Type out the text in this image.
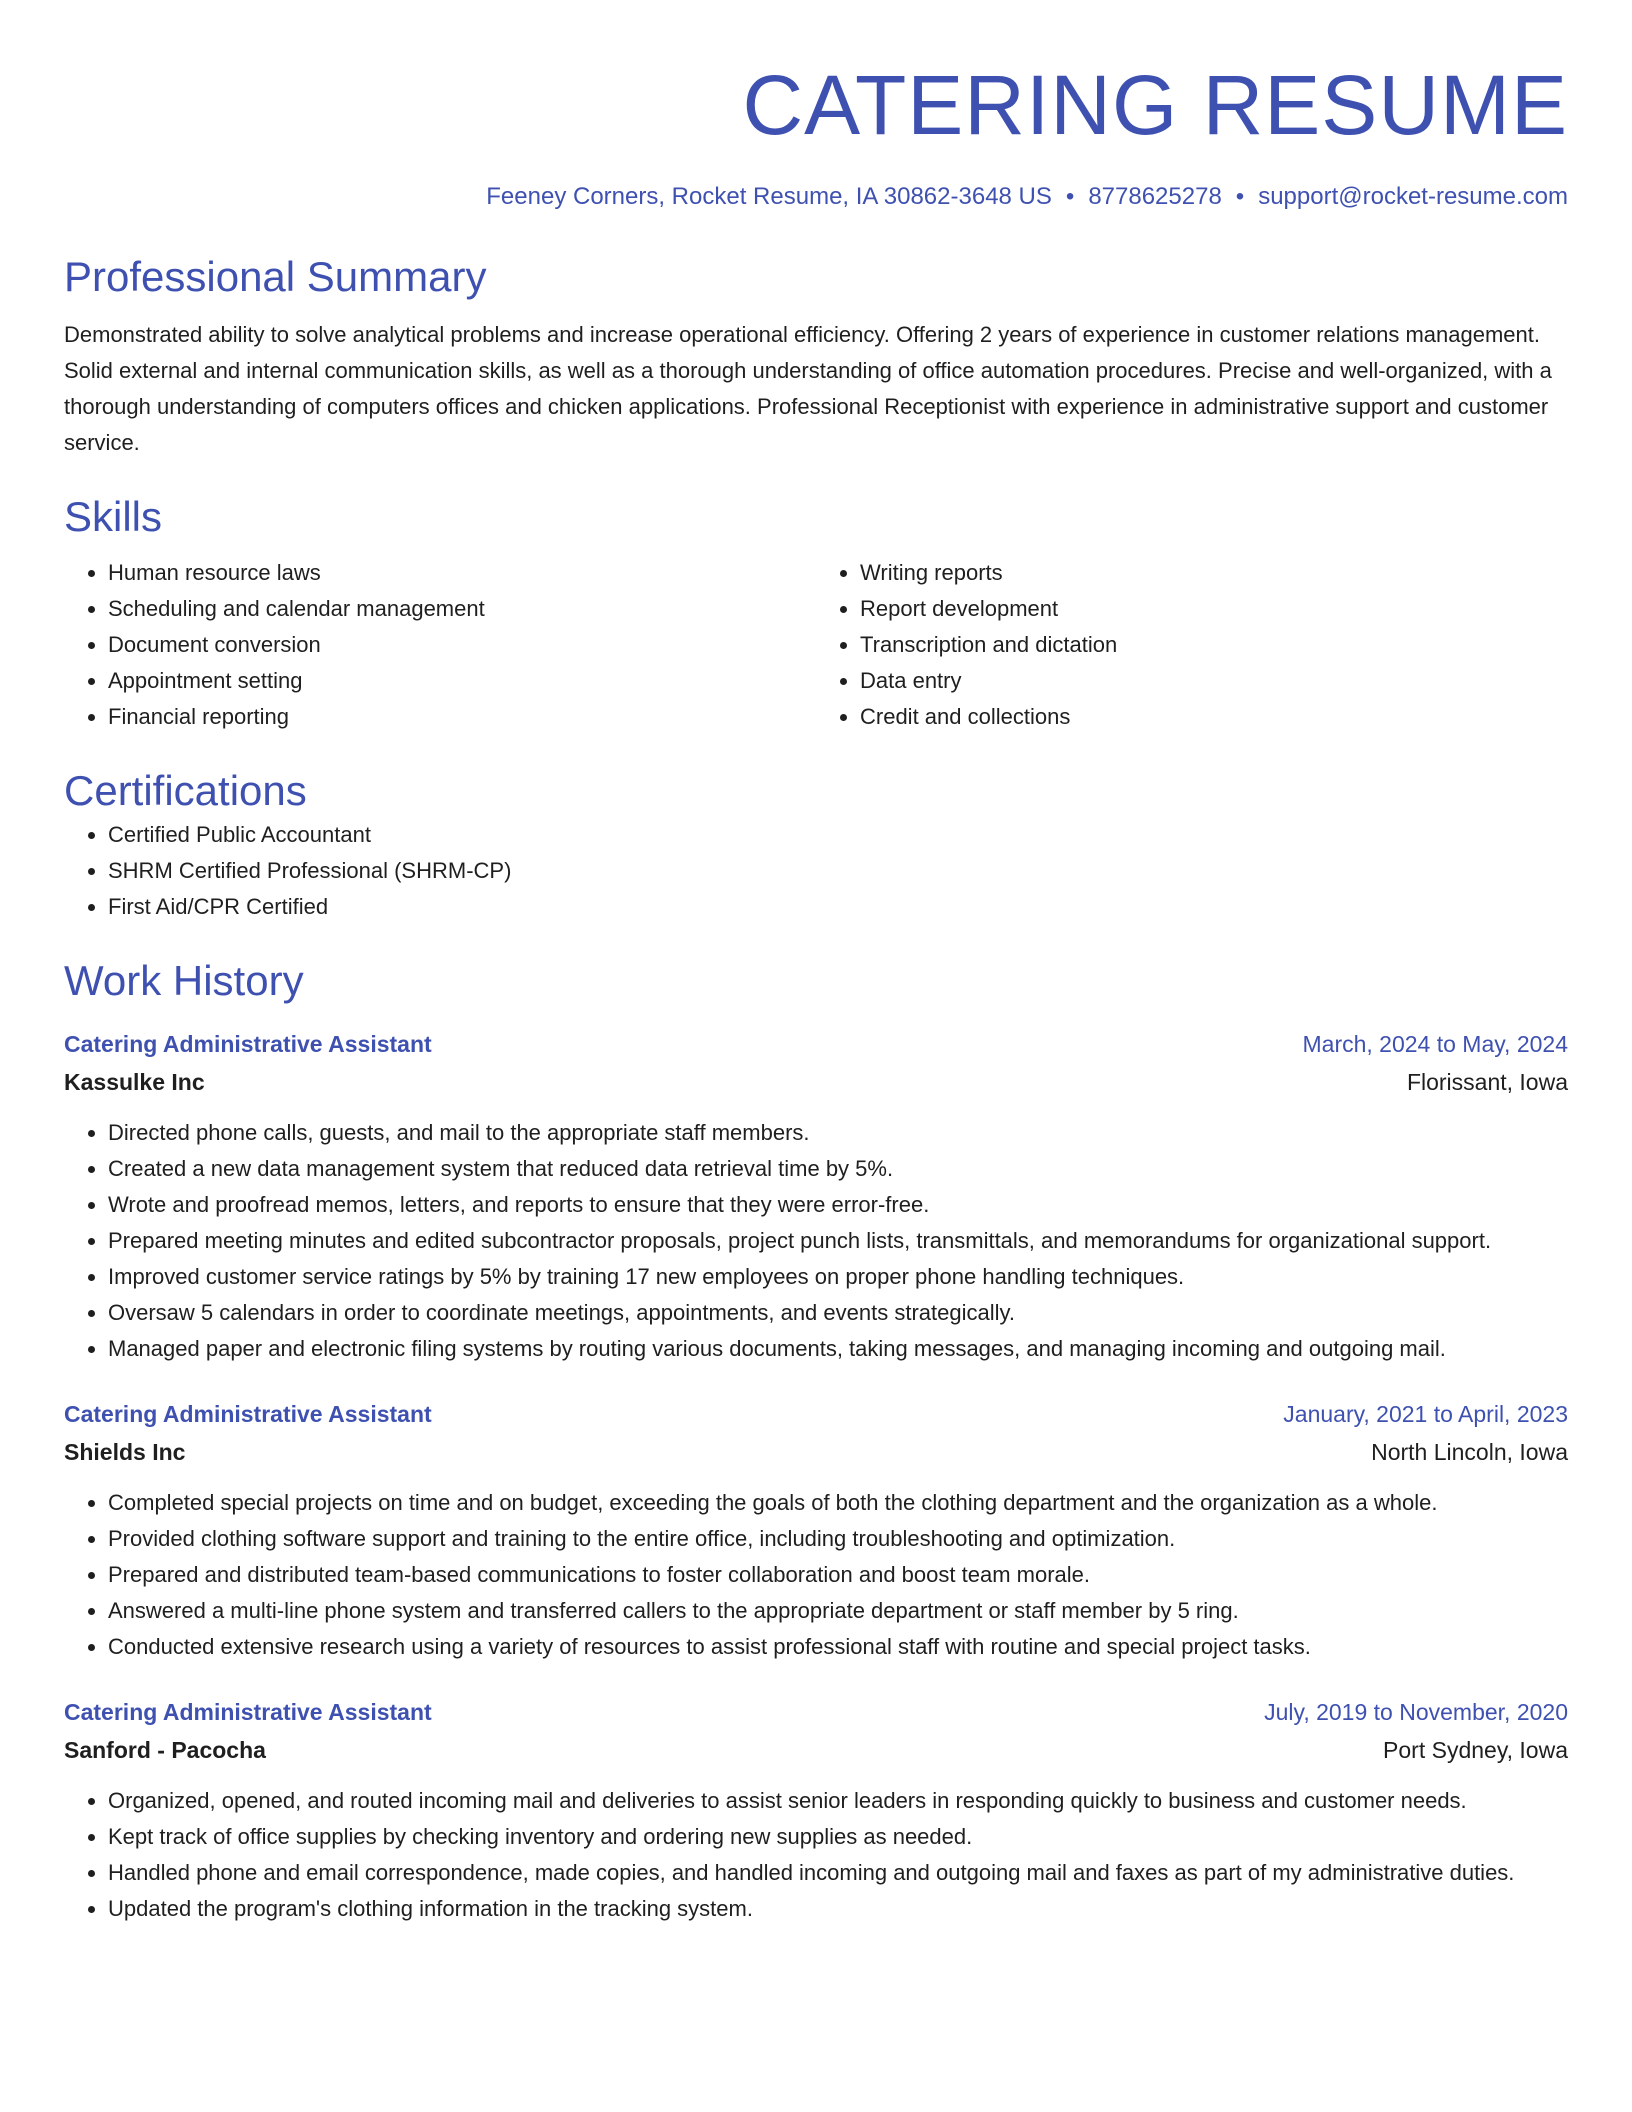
CATERING RESUME
Feeney Corners, Rocket Resume, IA 30862-3648 US • 8778625278 • support@rocket-resume.com
Professional Summary
Demonstrated ability to solve analytical problems and increase operational efficiency. Offering 2 years of experience in customer relations management. Solid external and internal communication skills, as well as a thorough understanding of office automation procedures. Precise and well-organized, with a thorough understanding of computers offices and chicken applications. Professional Receptionist with experience in administrative support and customer service.
Skills
• Human resource laws
• Scheduling and calendar management
• Document conversion
• Appointment setting
• Financial reporting
• Writing reports
• Report development
• Transcription and dictation
• Data entry
• Credit and collections
Certifications
• Certified Public Accountant
• SHRM Certified Professional (SHRM-CP)
• First Aid/CPR Certified
Work History
Catering Administrative Assistant	March, 2024 to May, 2024
Kassulke Inc	Florissant, Iowa
• Directed phone calls, guests, and mail to the appropriate staff members.
• Created a new data management system that reduced data retrieval time by 5%.
• Wrote and proofread memos, letters, and reports to ensure that they were error-free.
• Prepared meeting minutes and edited subcontractor proposals, project punch lists, transmittals, and memorandums for organizational support.
• Improved customer service ratings by 5% by training 17 new employees on proper phone handling techniques.
• Oversaw 5 calendars in order to coordinate meetings, appointments, and events strategically.
• Managed paper and electronic filing systems by routing various documents, taking messages, and managing incoming and outgoing mail.
Catering Administrative Assistant	January, 2021 to April, 2023
Shields Inc	North Lincoln, Iowa
• Completed special projects on time and on budget, exceeding the goals of both the clothing department and the organization as a whole.
• Provided clothing software support and training to the entire office, including troubleshooting and optimization.
• Prepared and distributed team-based communications to foster collaboration and boost team morale.
• Answered a multi-line phone system and transferred callers to the appropriate department or staff member by 5 ring.
• Conducted extensive research using a variety of resources to assist professional staff with routine and special project tasks.
Catering Administrative Assistant	July, 2019 to November, 2020
Sanford - Pacocha	Port Sydney, Iowa
• Organized, opened, and routed incoming mail and deliveries to assist senior leaders in responding quickly to business and customer needs.
• Kept track of office supplies by checking inventory and ordering new supplies as needed.
• Handled phone and email correspondence, made copies, and handled incoming and outgoing mail and faxes as part of my administrative duties.
• Updated the program's clothing information in the tracking system.
